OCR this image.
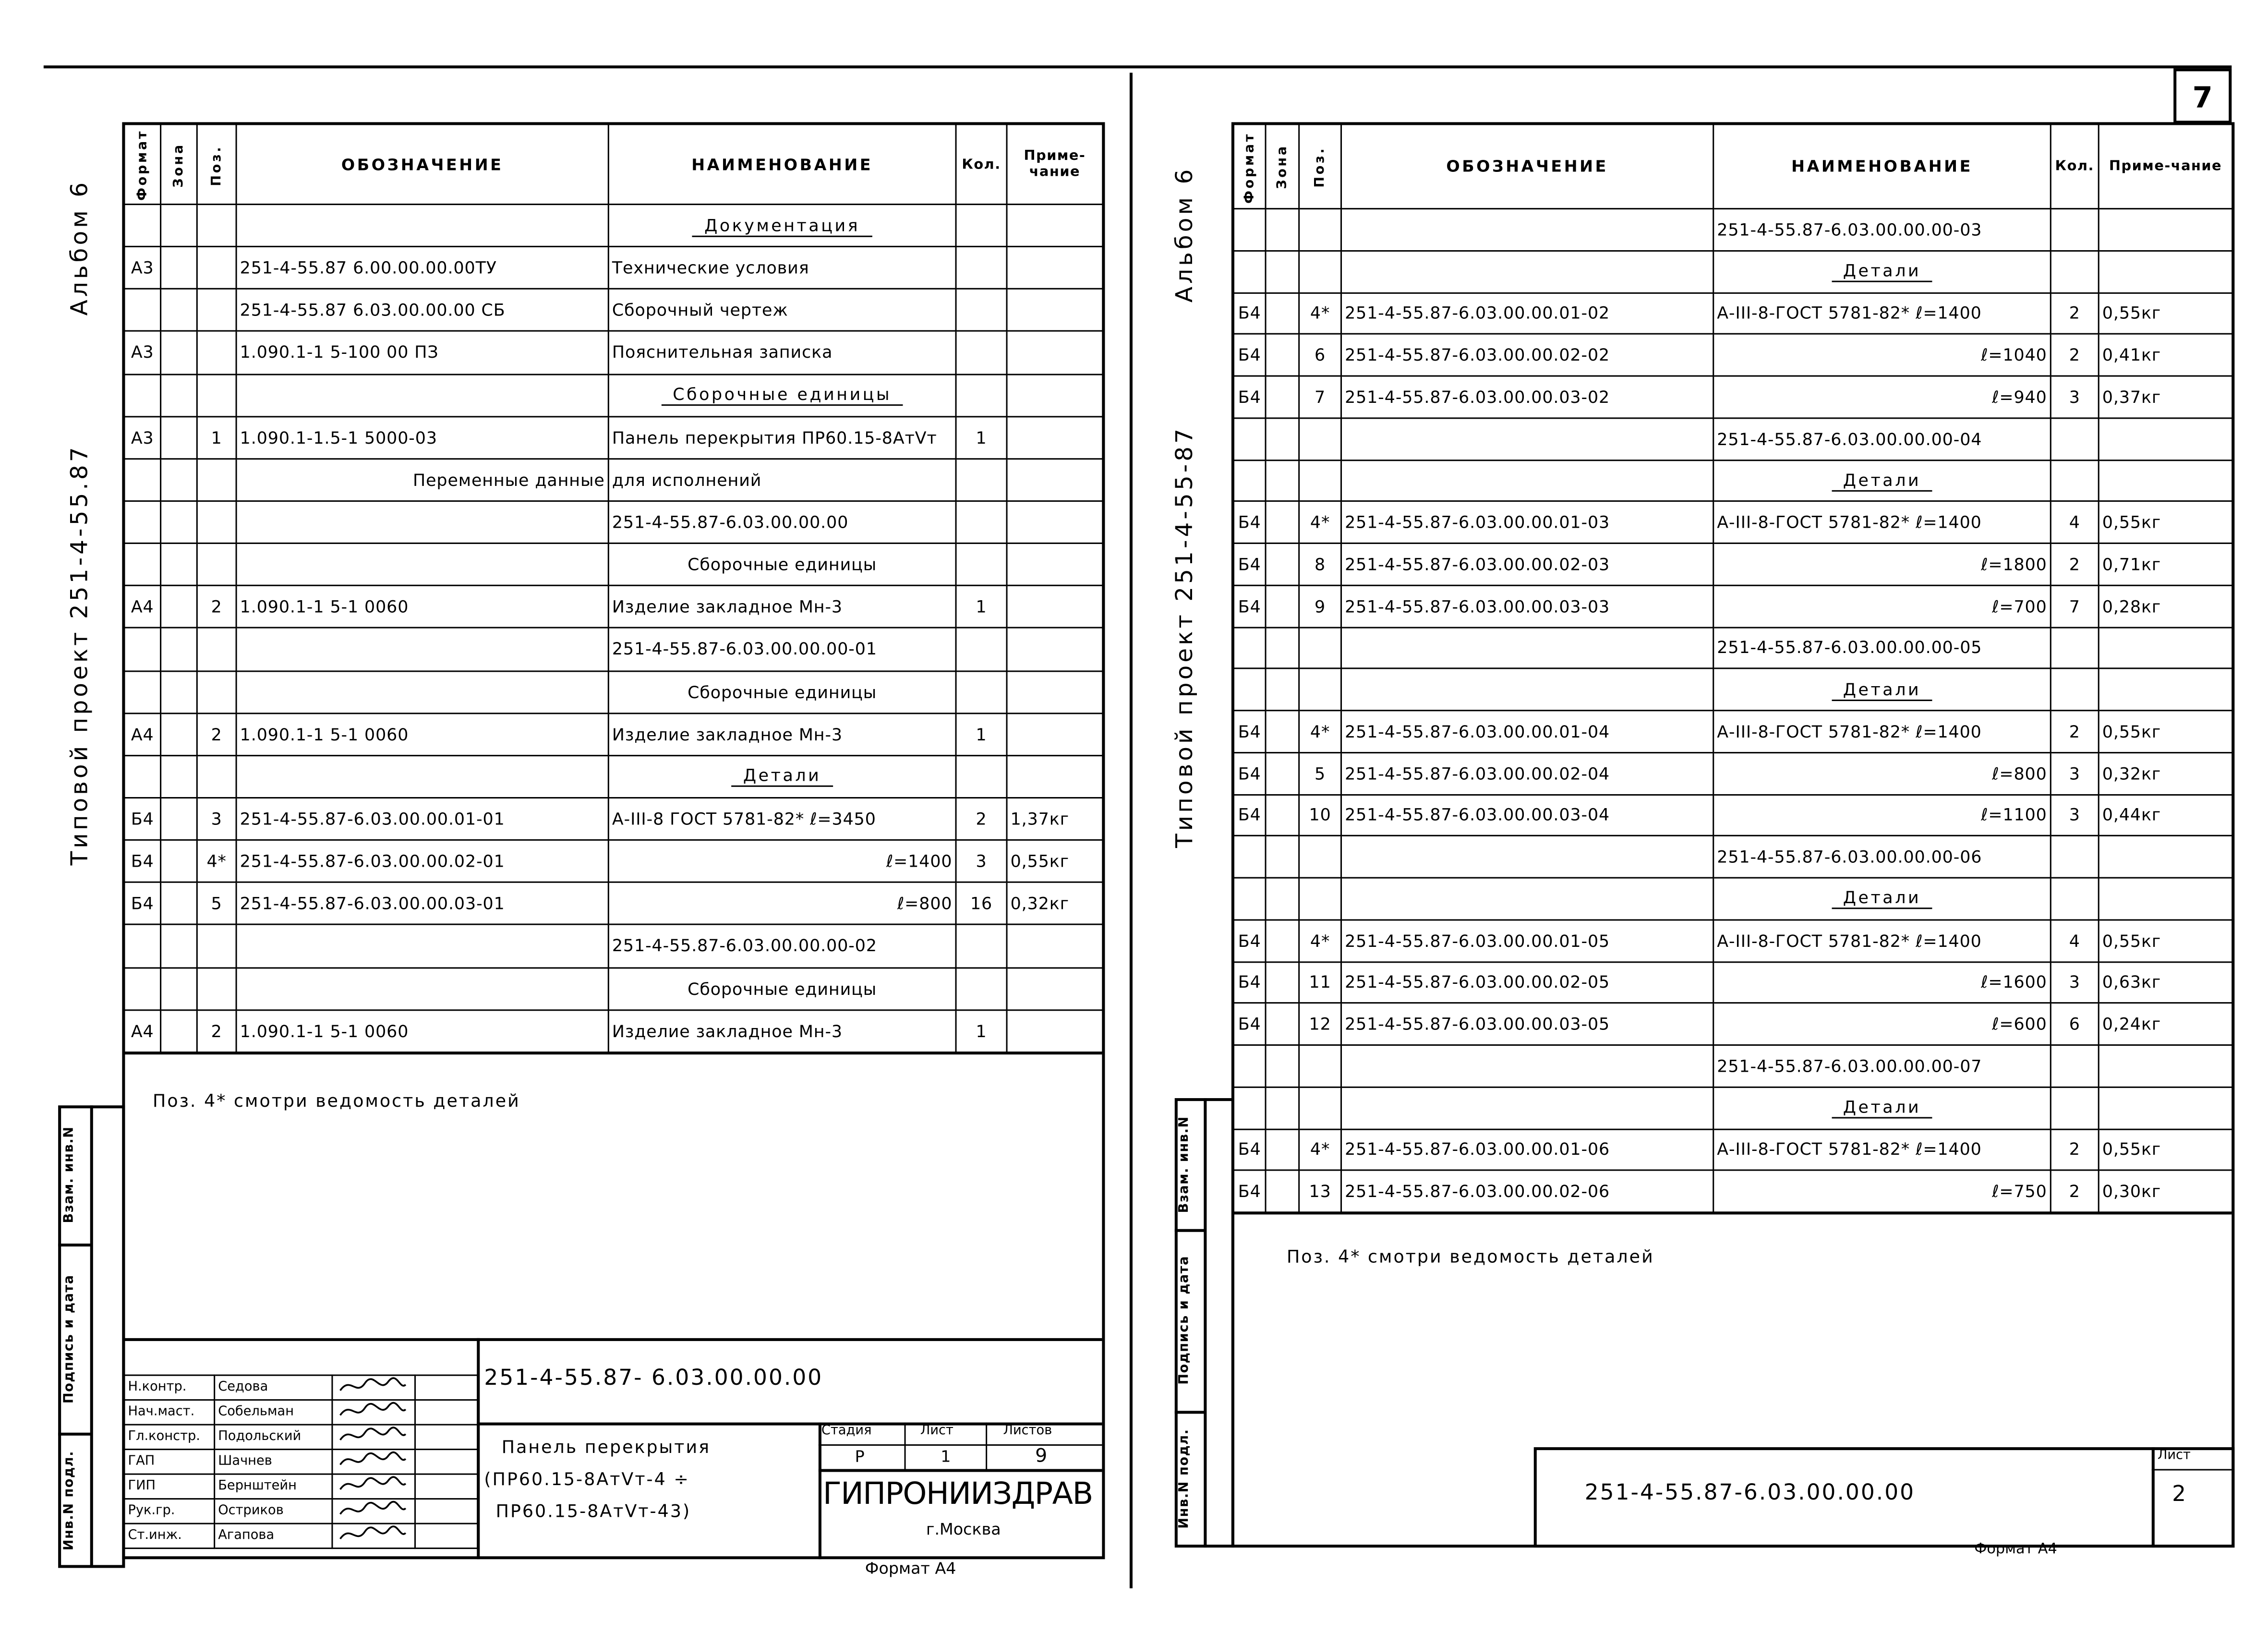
7
Альбом 6
Типовой проект 251-4-55.87
Формат	Зона	Поз.	ОБОЗНАЧЕНИЕ	НАИМЕНОВАНИЕ	Кол.	Приме-чание
				Документация		
А3			251-4-55.87 6.00.00.00.00ТУ	Технические условия		
			251-4-55.87 6.03.00.00.00 СБ	Сборочный чертеж		
А3			1.090.1-1 5-100 00 ПЗ	Пояснительная записка		
				Сборочные единицы		
А3		1	1.090.1-1.5-1 5000-03	Панель перекрытия ПР60.15-8АтVт	1	
			Переменные данные	для исполнений		
				251-4-55.87-6.03.00.00.00		
				Сборочные единицы		
А4		2	1.090.1-1 5-1 0060	Изделие закладное Мн-3	1	
				251-4-55.87-6.03.00.00.00-01		
				Сборочные единицы		
А4		2	1.090.1-1 5-1 0060	Изделие закладное Мн-3	1	
				Детали		
Б4		3	251-4-55.87-6.03.00.00.01-01	А-III-8 ГОСТ 5781-82* ℓ=3450	2	1,37кг
Б4		4*	251-4-55.87-6.03.00.00.02-01	ℓ=1400	3	0,55кг
Б4		5	251-4-55.87-6.03.00.00.03-01	ℓ=800	16	0,32кг
				251-4-55.87-6.03.00.00.00-02		
				Сборочные единицы		
А4		2	1.090.1-1 5-1 0060	Изделие закладное Мн-3	1	
Поз. 4* смотри ведомость деталей
Взам. инв.N
Подпись и дата
Инв.N подл.
Н.контр.	Седова		
Нач.маст.	Собельман		
Гл.констр.	Подольский		
ГАП	Шачнев		
ГИП	Бернштейн		
Рук.гр.	Остриков		
Ст.инж.	Агапова		
251-4-55.87- 6.03.00.00.00
Панель перекрытия
(ПР60.15-8АтVт-4 ÷
ПР60.15-8АтVт-43)
Стадия	Лист	Листов
Р	1	9
ГИПРОНИИЗДРАВ
г.Москва
Формат А4
Альбом 6
Типовой проект 251-4-55-87
Формат	Зона	Поз.	ОБОЗНАЧЕНИЕ	НАИМЕНОВАНИЕ	Кол.	Приме-чание
				251-4-55.87-6.03.00.00.00-03		
				Детали		
Б4		4*	251-4-55.87-6.03.00.00.01-02	А-III-8-ГОСТ 5781-82* ℓ=1400	2	0,55кг
Б4		6	251-4-55.87-6.03.00.00.02-02	ℓ=1040	2	0,41кг
Б4		7	251-4-55.87-6.03.00.00.03-02	ℓ=940	3	0,37кг
				251-4-55.87-6.03.00.00.00-04		
				Детали		
Б4		4*	251-4-55.87-6.03.00.00.01-03	А-III-8-ГОСТ 5781-82* ℓ=1400	4	0,55кг
Б4		8	251-4-55.87-6.03.00.00.02-03	ℓ=1800	2	0,71кг
Б4		9	251-4-55.87-6.03.00.00.03-03	ℓ=700	7	0,28кг
				251-4-55.87-6.03.00.00.00-05		
				Детали		
Б4		4*	251-4-55.87-6.03.00.00.01-04	А-III-8-ГОСТ 5781-82* ℓ=1400	2	0,55кг
Б4		5	251-4-55.87-6.03.00.00.02-04	ℓ=800	3	0,32кг
Б4		10	251-4-55.87-6.03.00.00.03-04	ℓ=1100	3	0,44кг
				251-4-55.87-6.03.00.00.00-06		
				Детали		
Б4		4*	251-4-55.87-6.03.00.00.01-05	А-III-8-ГОСТ 5781-82* ℓ=1400	4	0,55кг
Б4		11	251-4-55.87-6.03.00.00.02-05	ℓ=1600	3	0,63кг
Б4		12	251-4-55.87-6.03.00.00.03-05	ℓ=600	6	0,24кг
				251-4-55.87-6.03.00.00.00-07		
				Детали		
Б4		4*	251-4-55.87-6.03.00.00.01-06	А-III-8-ГОСТ 5781-82* ℓ=1400	2	0,55кг
Б4		13	251-4-55.87-6.03.00.00.02-06	ℓ=750	2	0,30кг
Поз. 4* смотри ведомость деталей
Взам. инв.N
Подпись и дата
Инв.N подл.	251-4-55.87-6.03.00.00.00
Лист
2
Формат А4
